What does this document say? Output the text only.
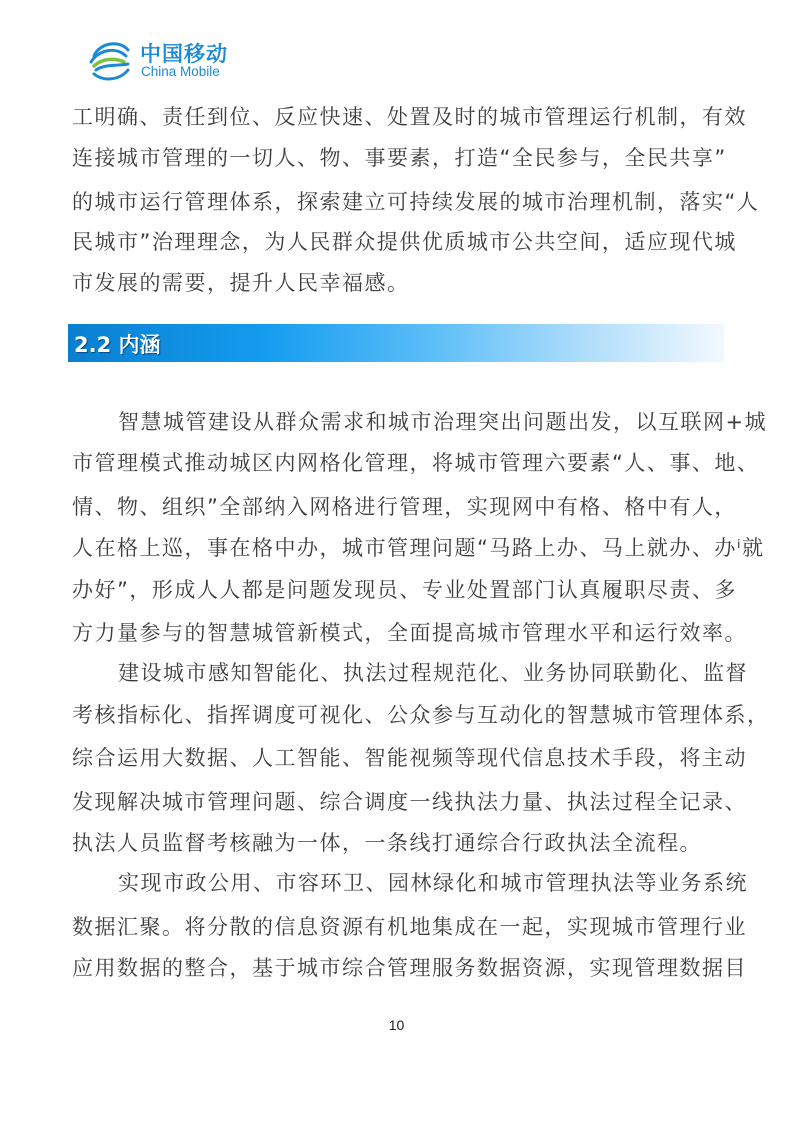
中国移动
China Mobile
工明确、责任到位、反应快速、处置及时的城市管理运行机制，有效
连接城市管理的一切人、物、事要素，打造“全民参与，全民共享”
的城市运行管理体系，探索建立可持续发展的城市治理机制，落实“人
民城市”治理理念，为人民群众提供优质城市公共空间，适应现代城
市发展的需要，提升人民幸福感。
2.2 内涵
智慧城管建设从群众需求和城市治理突出问题出发，以互联网+城
市管理模式推动城区内网格化管理，将城市管理六要素“人、事、地、
情、物、组织”全部纳入网格进行管理，实现网中有格、格中有人，
人在格上巡，事在格中办，城市管理问题“马路上办、马上就办、办ⁱ就
办好”，形成人人都是问题发现员、专业处置部门认真履职尽责、多
方力量参与的智慧城管新模式，全面提高城市管理水平和运行效率。
建设城市感知智能化、执法过程规范化、业务协同联勤化、监督
考核指标化、指挥调度可视化、公众参与互动化的智慧城市管理体系，
综合运用大数据、人工智能、智能视频等现代信息技术手段，将主动
发现解决城市管理问题、综合调度一线执法力量、执法过程全记录、
执法人员监督考核融为一体，一条线打通综合行政执法全流程。
实现市政公用、市容环卫、园林绿化和城市管理执法等业务系统
数据汇聚。将分散的信息资源有机地集成在一起，实现城市管理行业
应用数据的整合，基于城市综合管理服务数据资源，实现管理数据目
10
